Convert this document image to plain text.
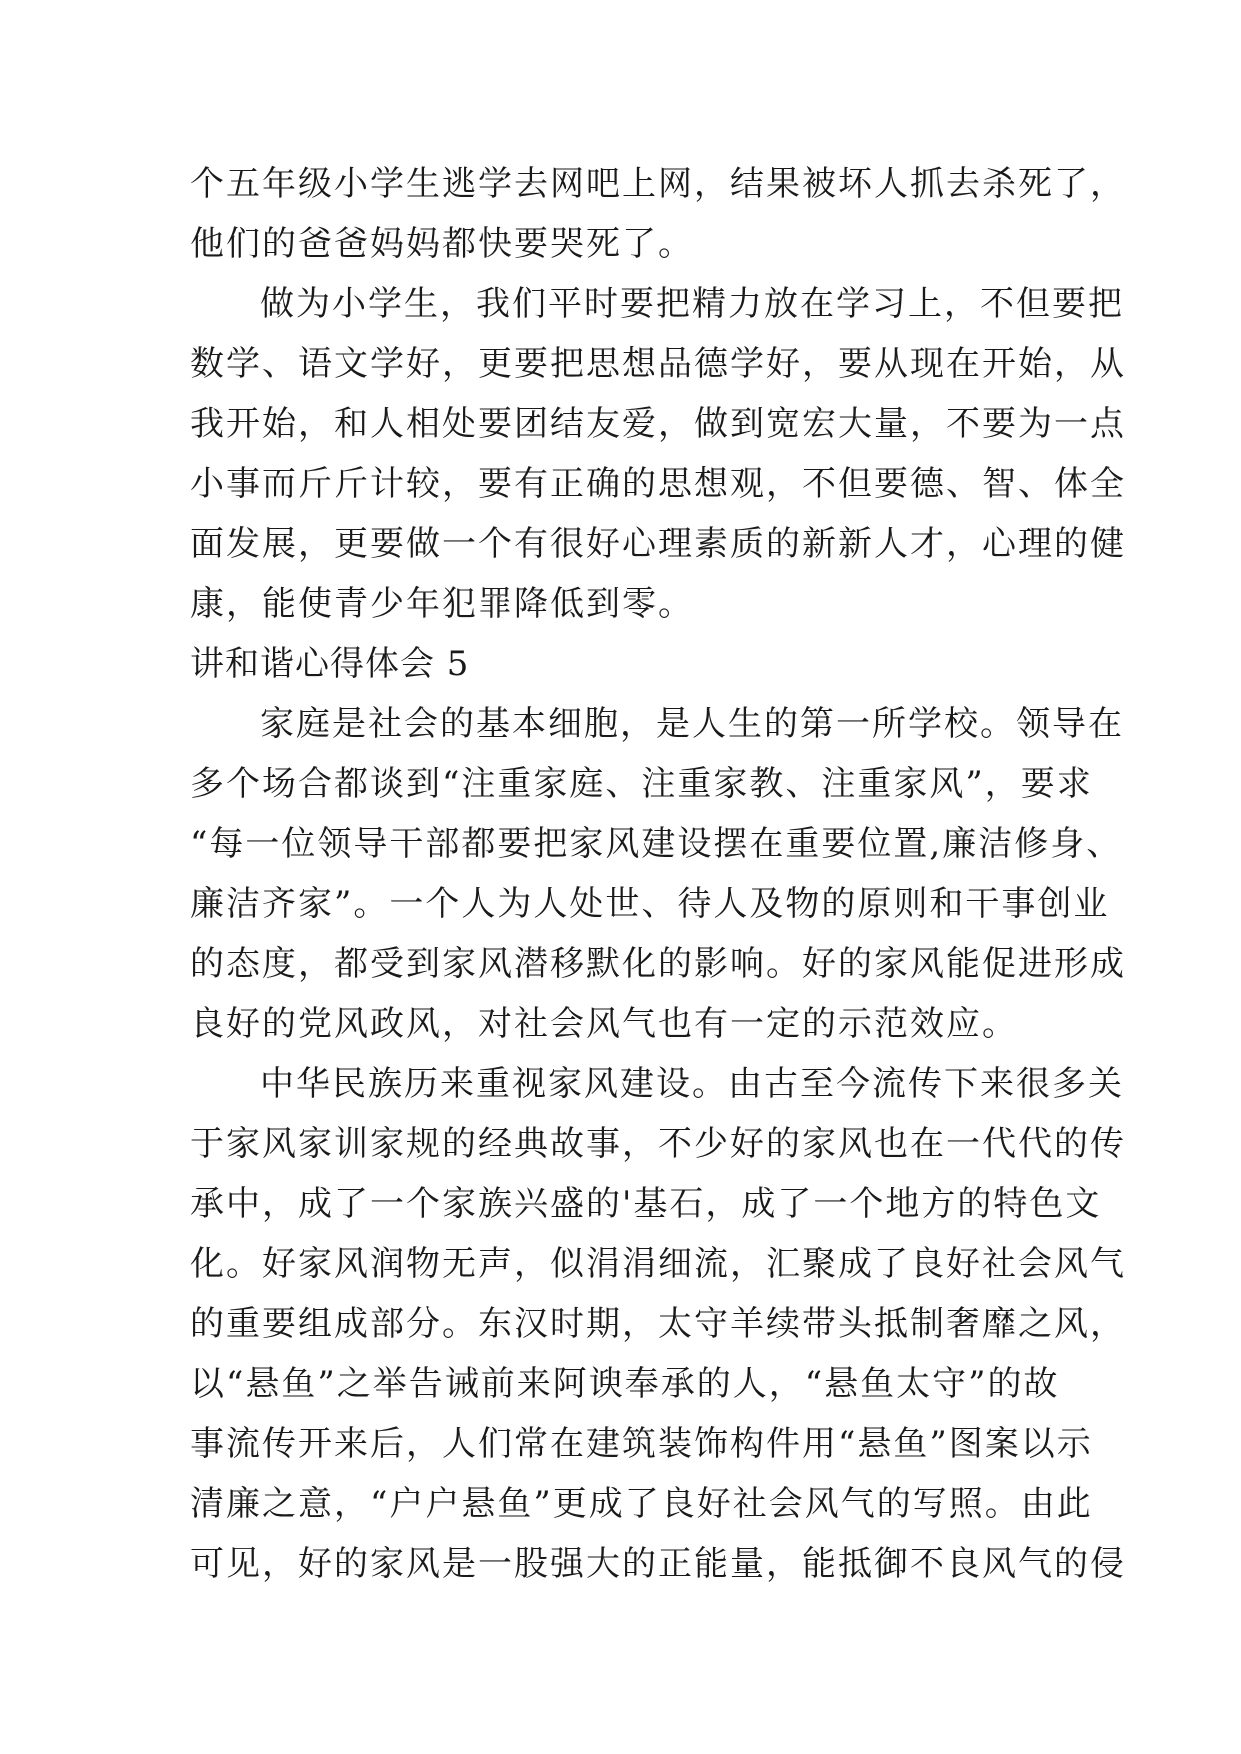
个五年级小学生逃学去网吧上网，结果被坏人抓去杀死了，
他们的爸爸妈妈都快要哭死了。
做为小学生，我们平时要把精力放在学习上，不但要把
数学、语文学好，更要把思想品德学好，要从现在开始，从
我开始，和人相处要团结友爱，做到宽宏大量，不要为一点
小事而斤斤计较，要有正确的思想观，不但要德、智、体全
面发展，更要做一个有很好心理素质的新新人才，心理的健
康，能使青少年犯罪降低到零。
讲和谐心得体会 5
家庭是社会的基本细胞，是人生的第一所学校。领导在
多个场合都谈到“注重家庭、注重家教、注重家风”，要求
“每一位领导干部都要把家风建设摆在重要位置,廉洁修身、
廉洁齐家”。一个人为人处世、待人及物的原则和干事创业
的态度，都受到家风潜移默化的影响。好的家风能促进形成
良好的党风政风，对社会风气也有一定的示范效应。
中华民族历来重视家风建设。由古至今流传下来很多关
于家风家训家规的经典故事，不少好的家风也在一代代的传
承中，成了一个家族兴盛的'基石，成了一个地方的特色文
化。好家风润物无声，似涓涓细流，汇聚成了良好社会风气
的重要组成部分。东汉时期，太守羊续带头抵制奢靡之风，
以“悬鱼”之举告诫前来阿谀奉承的人，“悬鱼太守”的故
事流传开来后，人们常在建筑装饰构件用“悬鱼”图案以示
清廉之意，“户户悬鱼”更成了良好社会风气的写照。由此
可见，好的家风是一股强大的正能量，能抵御不良风气的侵
